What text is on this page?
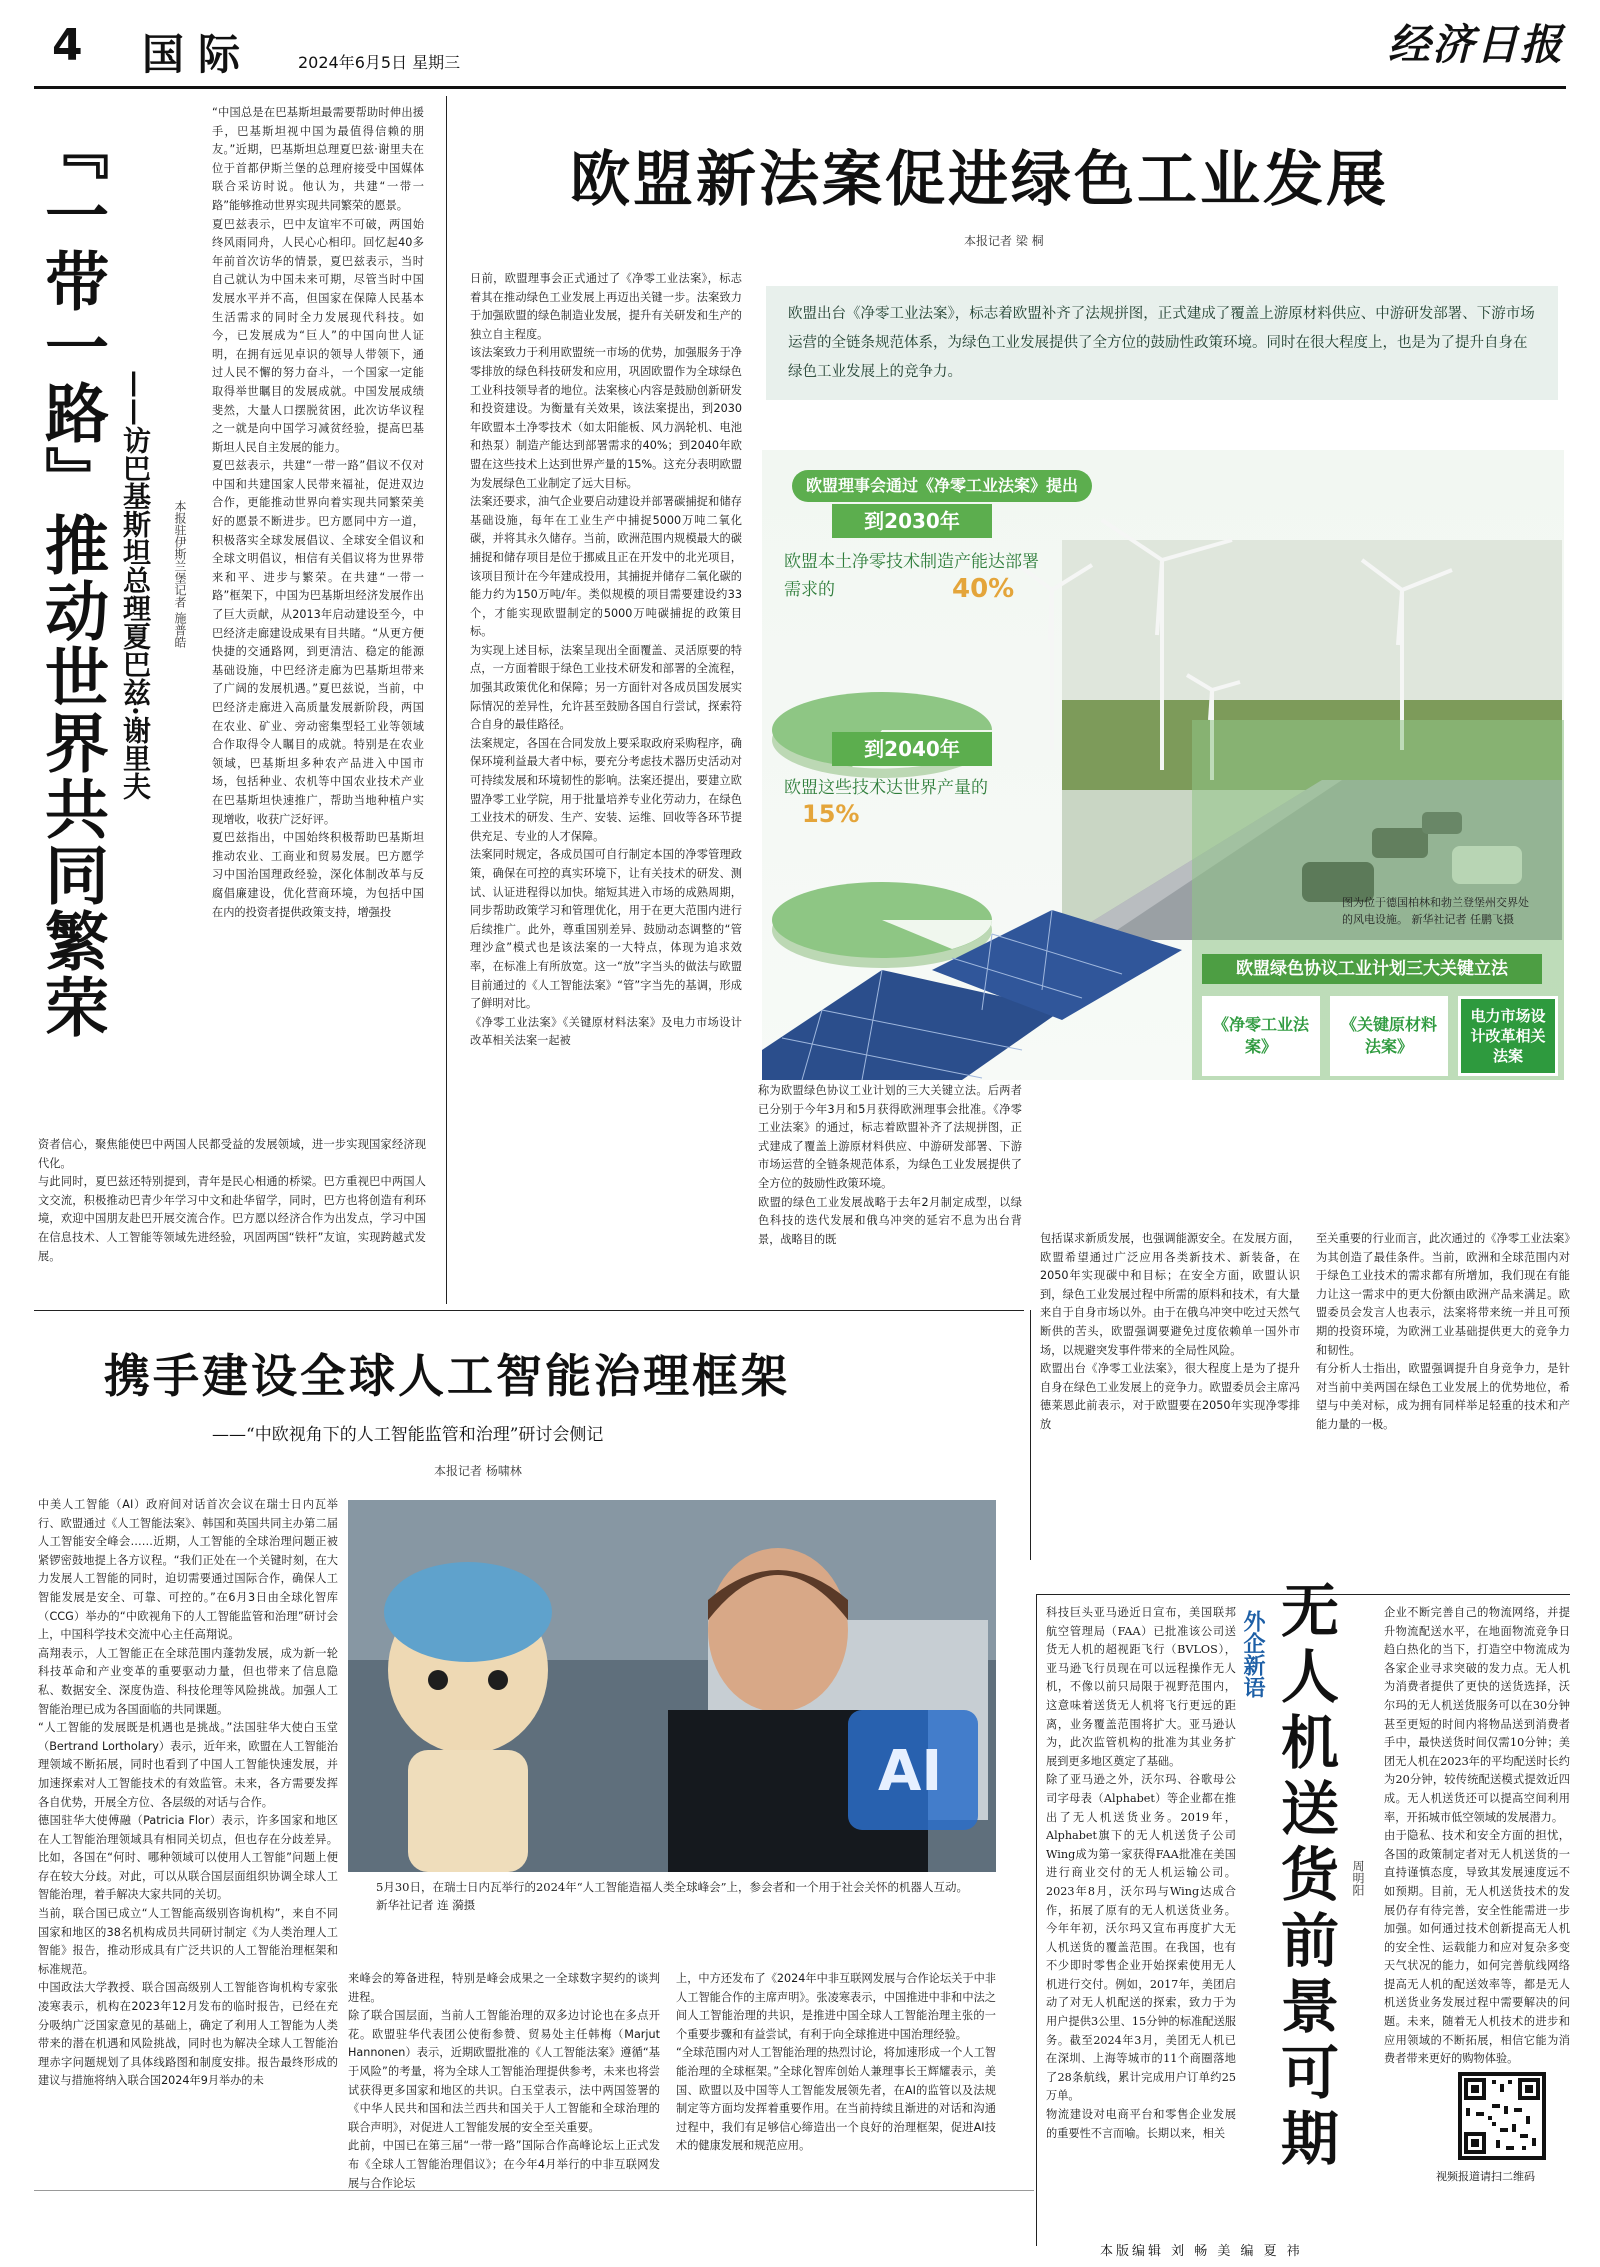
4 国际	2024年6月5日 星期三	经济日报
『一带一路』推动世界共同繁荣 ——访巴基斯坦总理夏巴兹·谢里夫 本报驻伊斯兰堡记者 施普皓
“中国总是在巴基斯坦最需要帮助时伸出援手，巴基斯坦视中国为最值得信赖的朋友。”近期，巴基斯坦总理夏巴兹·谢里夫在位于首都伊斯兰堡的总理府接受中国媒体联合采访时说。他认为，共建“一带一路”能够推动世界实现共同繁荣的愿景。
夏巴兹表示，巴中友谊牢不可破，两国始终风雨同舟，人民心心相印。回忆起40多年前首次访华的情景，夏巴兹表示，当时自己就认为中国未来可期，尽管当时中国发展水平并不高，但国家在保障人民基本生活需求的同时全力发展现代科技。如今，已发展成为“巨人”的中国向世人证明，在拥有远见卓识的领导人带领下，通过人民不懈的努力奋斗，一个国家一定能取得举世瞩目的发展成就。中国发展成绩斐然，大量人口摆脱贫困，此次访华议程之一就是向中国学习减贫经验，提高巴基斯坦人民自主发展的能力。
夏巴兹表示，共建“一带一路”倡议不仅对中国和共建国家人民带来福祉，促进双边合作，更能推动世界向着实现共同繁荣美好的愿景不断进步。巴方愿同中方一道，积极落实全球发展倡议、全球安全倡议和全球文明倡议，相信有关倡议将为世界带来和平、进步与繁荣。在共建“一带一路”框架下，中国为巴基斯坦经济发展作出了巨大贡献，从2013年启动建设至今，中巴经济走廊建设成果有目共睹。“从更方便快捷的交通路网，到更清洁、稳定的能源基础设施，中巴经济走廊为巴基斯坦带来了广阔的发展机遇。”夏巴兹说，当前，中巴经济走廊进入高质量发展新阶段，两国在农业、矿业、旁动密集型轻工业等领域合作取得令人瞩目的成就。特别是在农业领域，巴基斯坦多种农产品进入中国市场，包括种业、农机等中国农业技术产业在巴基斯坦快速推广，帮助当地种植户实现增收，收获广泛好评。
夏巴兹指出，中国始终积极帮助巴基斯坦推动农业、工商业和贸易发展。巴方愿学习中国治国理政经验，深化体制改革与反腐倡廉建设，优化营商环境，为包括中国在内的投资者提供政策支持，增强投
资者信心，聚焦能使巴中两国人民都受益的发展领域，进一步实现国家经济现代化。
与此同时，夏巴兹还特别提到，青年是民心相通的桥梁。巴方重视巴中两国人文交流，积极推动巴青少年学习中文和赴华留学，同时，巴方也将创造有利环境，欢迎中国朋友赴巴开展交流合作。巴方愿以经济合作为出发点，学习中国在信息技术、人工智能等领域先进经验，巩固两国“铁杆”友谊，实现跨越式发展。
欧盟新法案促进绿色工业发展
本报记者 梁 桐
欧盟出台《净零工业法案》，标志着欧盟补齐了法规拼图，正式建成了覆盖上游原材料供应、中游研发部署、下游市场运营的全链条规范体系，为绿色工业发展提供了全方位的鼓励性政策环境。同时在很大程度上，也是为了提升自身在绿色工业发展上的竞争力。
日前，欧盟理事会正式通过了《净零工业法案》，标志着其在推动绿色工业发展上再迈出关键一步。法案致力于加强欧盟的绿色制造业发展，提升有关研发和生产的独立自主程度。
该法案致力于利用欧盟统一市场的优势，加强服务于净零排放的绿色科技研发和应用，巩固欧盟作为全球绿色工业科技领导者的地位。法案核心内容是鼓励创新研发和投资建设。为衡量有关效果，该法案提出，到2030年欧盟本土净零技术（如太阳能板、风力涡轮机、电池和热泵）制造产能达到部署需求的40%；到2040年欧盟在这些技术上达到世界产量的15%。这充分表明欧盟为发展绿色工业制定了远大目标。
法案还要求，油气企业要启动建设并部署碳捕捉和储存基础设施，每年在工业生产中捕捉5000万吨二氧化碳，并将其永久储存。当前，欧洲范围内规模最大的碳捕捉和储存项目是位于挪威且正在开发中的北光项目，该项目预计在今年建成投用，其捕捉并储存二氧化碳的能力约为150万吨/年。类似规模的项目需要建设约33个，才能实现欧盟制定的5000万吨碳捕捉的政策目标。
为实现上述目标，法案呈现出全面覆盖、灵活原要的特点，一方面着眼于绿色工业技术研发和部署的全流程，加强其政策优化和保障；另一方面针对各成员国发展实际情况的差异性，允许甚至鼓励各国自行尝试，探索符合自身的最佳路径。
法案规定，各国在合同发放上要采取政府采购程序，确保环境利益最大者中标，要充分考虑技术器历史活动对可持续发展和环境韧性的影响。法案还提出，要建立欧盟净零工业学院，用于批量培养专业化劳动力，在绿色工业技术的研发、生产、安装、运维、回收等各环节提供充足、专业的人才保障。
法案同时规定，各成员国可自行制定本国的净零管理政策，确保在可控的真实环境下，让有关技术的研发、测试、认证进程得以加快。缩短其进入市场的成熟周期，同步帮助政策学习和管理优化，用于在更大范围内进行后续推广。此外，尊重国别差异、鼓励动态调整的“管理沙盒”模式也是该法案的一大特点，体现为追求效率，在标准上有所放宽。这一“放”字当头的做法与欧盟目前通过的《人工智能法案》“管”字当先的基调，形成了鲜明对比。
《净零工业法案》《关键原材料法案》及电力市场设计改革相关法案一起被
欧盟理事会通过《净零工业法案》提出
到2030年
欧盟本土净零技术制造产能达部署需求的	40%
到2040年
欧盟这些技术达世界产量的
15%
图为位于德国柏林和勃兰登堡州交界处的风电设施。 新华社记者 任鹏飞摄
欧盟绿色协议工业计划三大关键立法
《净零工业法案》
《关键原材料法案》
电力市场设计改革相关法案
称为欧盟绿色协议工业计划的三大关键立法。后两者已分别于今年3月和5月获得欧洲理事会批准。《净零工业法案》的通过，标志着欧盟补齐了法规拼图，正式建成了覆盖上游原材料供应、中游研发部署、下游市场运营的全链条规范体系，为绿色工业发展提供了全方位的鼓励性政策环境。
欧盟的绿色工业发展战略于去年2月制定成型，以绿色科技的迭代发展和俄乌冲突的延宕不息为出台背景，战略目的既	包括谋求新质发展，也强调能源安全。在发展方面，欧盟希望通过广泛应用各类新技术、新装备，在2050年实现碳中和目标；在安全方面，欧盟认识到，绿色工业发展过程中所需的原料和技术，有大量来自于自身市场以外。由于在俄乌冲突中吃过天然气断供的苦头，欧盟强调要避免过度依赖单一国外市场，以规避突发事件带来的全局性风险。
欧盟出台《净零工业法案》，很大程度上是为了提升自身在绿色工业发展上的竞争力。欧盟委员会主席冯德莱恩此前表示，对于欧盟要在2050年实现净零排放
至关重要的行业而言，此次通过的《净零工业法案》为其创造了最佳条件。当前，欧洲和全球范围内对于绿色工业技术的需求都有所增加，我们现在有能力让这一需求中的更大份额由欧洲产品来满足。欧盟委员会发言人也表示，法案将带来统一并且可预期的投资环境，为欧洲工业基础提供更大的竞争力和韧性。
有分析人士指出，欧盟强调提升自身竞争力，是针对当前中美两国在绿色工业发展上的优势地位，希望与中美对标，成为拥有同样举足轻重的技术和产能力量的一极。
携手建设全球人工智能治理框架
——“中欧视角下的人工智能监管和治理”研讨会侧记
本报记者 杨啸林
中美人工智能（AI）政府间对话首次会议在瑞士日内瓦举行、欧盟通过《人工智能法案》、韩国和英国共同主办第二届人工智能安全峰会……近期，人工智能的全球治理问题正被紧锣密鼓地提上各方议程。“我们正处在一个关键时刻，在大力发展人工智能的同时，迫切需要通过国际合作，确保人工智能发展是安全、可靠、可控的。”在6月3日由全球化智库（CCG）举办的“中欧视角下的人工智能监管和治理”研讨会上，中国科学技术交流中心主任高翔说。
高翔表示，人工智能正在全球范围内蓬勃发展，成为新一轮科技革命和产业变革的重要驱动力量，但也带来了信息隐私、数据安全、深度伪造、科技伦理等风险挑战。加强人工智能治理已成为各国面临的共同课题。
“人工智能的发展既是机遇也是挑战。”法国驻华大使白玉堂（Bertrand Lortholary）表示，近年来，欧盟在人工智能治理领域不断拓展，同时也看到了中国人工智能快速发展，并加速探索对人工智能技术的有效监管。未来，各方需要发挥各自优势，开展全方位、各层级的对话与合作。
德国驻华大使傅融（Patricia Flor）表示，许多国家和地区在人工智能治理领域具有相同关切点，但也存在分歧差异。比如，各国在“何时、哪种领域可以使用人工智能”问题上便存在较大分歧。对此，可以从联合国层面组织协调全球人工智能治理，着手解决大家共同的关切。
当前，联合国已成立“人工智能高级别咨询机构”，来自不同国家和地区的38名机构成员共同研讨制定《为人类治理人工智能》报告，推动形成具有广泛共识的人工智能治理框架和标准规范。
中国政法大学教授、联合国高级别人工智能咨询机构专家张凌寒表示，机构在2023年12月发布的临时报告，已经在充分吸纳广泛国家意见的基础上，确定了利用人工智能为人类带来的潜在机遇和风险挑战，同时也为解决全球人工智能治理赤字问题规划了具体线路图和制度安排。报告最终形成的建议与措施将纳入联合国2024年9月举办的未
AI
5月30日，在瑞士日内瓦举行的2024年“人工智能造福人类全球峰会”上，参会者和一个用于社会关怀的机器人互动。 新华社记者 连 漪摄
来峰会的筹备进程，特别是峰会成果之一全球数字契约的谈判进程。
除了联合国层面，当前人工智能治理的双多边讨论也在多点开花。欧盟驻华代表团公使衔参赞、贸易处主任韩梅（Marjut Hannonen）表示，近期欧盟批准的《人工智能法案》遵循“基于风险”的考量，将为全球人工智能治理提供参考，未来也将尝试获得更多国家和地区的共识。白玉堂表示，法中两国签署的《中华人民共和国和法兰西共和国关于人工智能和全球治理的联合声明》，对促进人工智能发展的安全至关重要。
此前，中国已在第三届“一带一路”国际合作高峰论坛上正式发布《全球人工智能治理倡议》；在今年4月举行的中非互联网发展与合作论坛
上，中方还发布了《2024年中非互联网发展与合作论坛关于中非人工智能合作的主席声明》。张凌寒表示，中国推进中非和中法之间人工智能治理的共识，是推进中国全球人工智能治理主张的一个重要步骤和有益尝试，有利于向全球推进中国治理经验。
“全球范围内对人工智能治理的热烈讨论，将加速形成一个人工智能治理的全球框架。”全球化智库创始人兼理事长王辉耀表示，美国、欧盟以及中国等人工智能发展领先者，在AI的监管以及法规制定等方面均发挥着重要作用。在当前持续且渐进的对话和沟通过程中，我们有足够信心缔造出一个良好的治理框架，促进AI技术的健康发展和规范应用。
科技巨头亚马逊近日宣布，美国联邦航空管理局（FAA）已批准该公司送货无人机的超视距飞行（BVLOS），亚马逊飞行员现在可以远程操作无人机，不像以前只局限于视野范围内，这意味着送货无人机将飞行更远的距离，业务覆盖范围将扩大。亚马逊认为，此次监管机构的批准为其业务扩展到更多地区奠定了基础。
除了亚马逊之外，沃尔玛、谷歌母公司字母表（Alphabet）等企业都在推出了无人机送货业务。2019年，Alphabet旗下的无人机送货子公司Wing成为第一家获得FAA批准在美国进行商业交付的无人机运输公司。2023年8月，沃尔玛与Wing达成合作，拓展了原有的无人机送货业务。今年年初，沃尔玛又宣布再度扩大无人机送货的覆盖范围。在我国，也有不少即时零售企业开始探索使用无人机进行交付。例如，2017年，美团启动了对无人机配送的探索，致力于为用户提供3公里、15分钟的标准配送服务。截至2024年3月，美团无人机已在深圳、上海等城市的11个商圈落地了28条航线，累计完成用户订单约25万单。
物流建设对电商平台和零售企业发展的重要性不言而喻。长期以来，相关
外企新语 无人机送货前景可期 周明阳
企业不断完善自己的物流网络，并提升物流配送水平，在地面物流竞争日趋白热化的当下，打造空中物流成为各家企业寻求突破的发力点。无人机为消费者提供了更快的送货选择，沃尔玛的无人机送货服务可以在30分钟甚至更短的时间内将物品送到消费者手中，最快送货时间仅需10分钟；美团无人机在2023年的平均配送时长约为20分钟，较传统配送模式提效近四成。无人机送货还可以提高空间利用率，开拓城市低空领域的发展潜力。
由于隐私、技术和安全方面的担忧，各国的政策制定者对无人机送货的一直持谨慎态度，导致其发展速度远不如预期。目前，无人机送货技术的发展仍存有待完善，安全性能需进一步加强。如何通过技术创新提高无人机的安全性、运载能力和应对复杂多变天气状况的能力，如何完善航线网络提高无人机的配送效率等，都是无人机送货业务发展过程中需要解决的问题。未来，随着无人机技术的进步和应用领域的不断拓展，相信它能为消费者带来更好的购物体验。
视频报道请扫二维码
本版编辑 刘 畅 美 编 夏 祎
